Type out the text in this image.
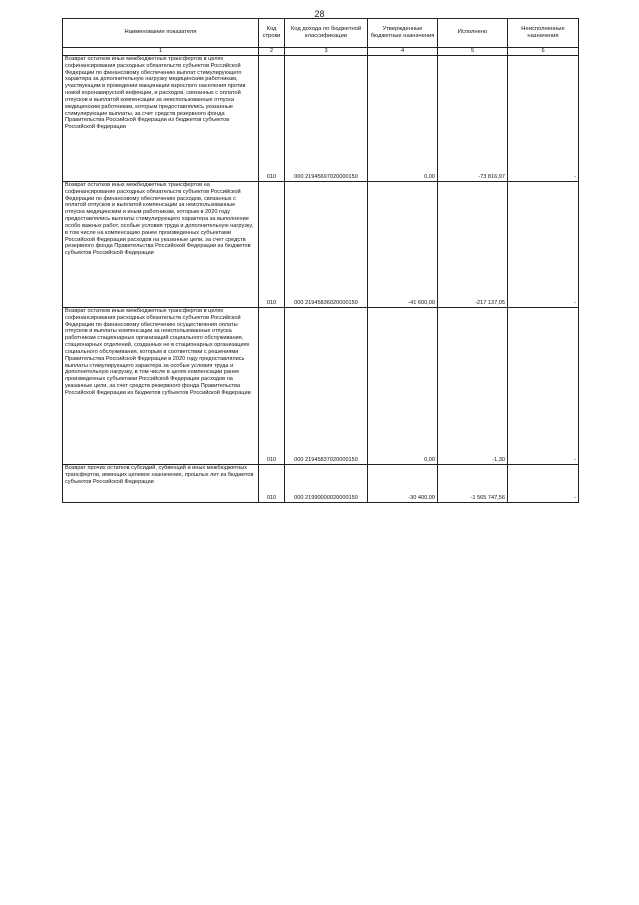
28
Наименование показателя	Код строки	Код дохода по бюджетной классификации	Утвержденные бюджетные назначения	Исполнено	Неисполненные назначения
1	2	3	4	5	6
Возврат остатков иных межбюджетных трансфертов в целях софинансирования расходных обязательств субъектов Российской Федерации по финансовому обеспечению выплат стимулирующего характера за дополнительную нагрузку медицинским работникам, участвующим в проведении вакцинации взрослого населения против новой коронавирусной инфекции, и расходов, связанных с оплатой отпусков и выплатой компенсации за неиспользованные отпуска медицинским работникам, которым предоставлялись указанные стимулирующие выплаты, за счет средств резервного фонда Правительства Российской Федерации из бюджетов субъектов Российской Федерации	010	000 21945697020000150	0,00	-73 816,97	-
Возврат остатков иных межбюджетных трансфертов на софинансирование расходных обязательств субъектов Российской Федерации по финансовому обеспечению расходов, связанных с оплатой отпусков и выплатой компенсации за неиспользованные отпуска медицинским и иным работникам, которым в 2020 году предоставлялись выплаты стимулирующего характера за выполнение особо важных работ, особые условия труда и дополнительную нагрузку, в том числе на компенсацию ранее произведенных субъектами Российской Федерации расходов на указанные цели, за счет средств резервного фонда Правительства Российской Федерации из бюджетов субъектов Российской Федерации	010	000 21945836020000150	-41 600,00	-217 137,05	-
Возврат остатков иных межбюджетных трансфертов в целях софинансирования расходных обязательств субъектов Российской Федерации по финансовому обеспечению осуществления оплаты отпусков и выплаты компенсации за неиспользованные отпуска работникам стационарных организаций социального обслуживания, стационарных отделений, созданных не в стационарных организациях социального обслуживания, которым в соответствии с решениями Правительства Российской Федерации в 2020 году предоставлялись выплаты стимулирующего характера за особые условия труда и дополнительную нагрузку, в том числе в целях компенсации ранее произведенных субъектами Российской Федерации расходов на указанные цели, за счет средств резервного фонда Правительства Российской Федерации из бюджетов субъектов Российской Федерации	010	000 21945837020000150	0,00	-1,30	-
Возврат прочих остатков субсидий, субвенций и иных межбюджетных трансфертов, имеющих целевое назначение, прошлых лет из бюджетов субъектов Российской Федерации	010	000 21990000020000150	-30 400,00	-1 565 747,56	-
